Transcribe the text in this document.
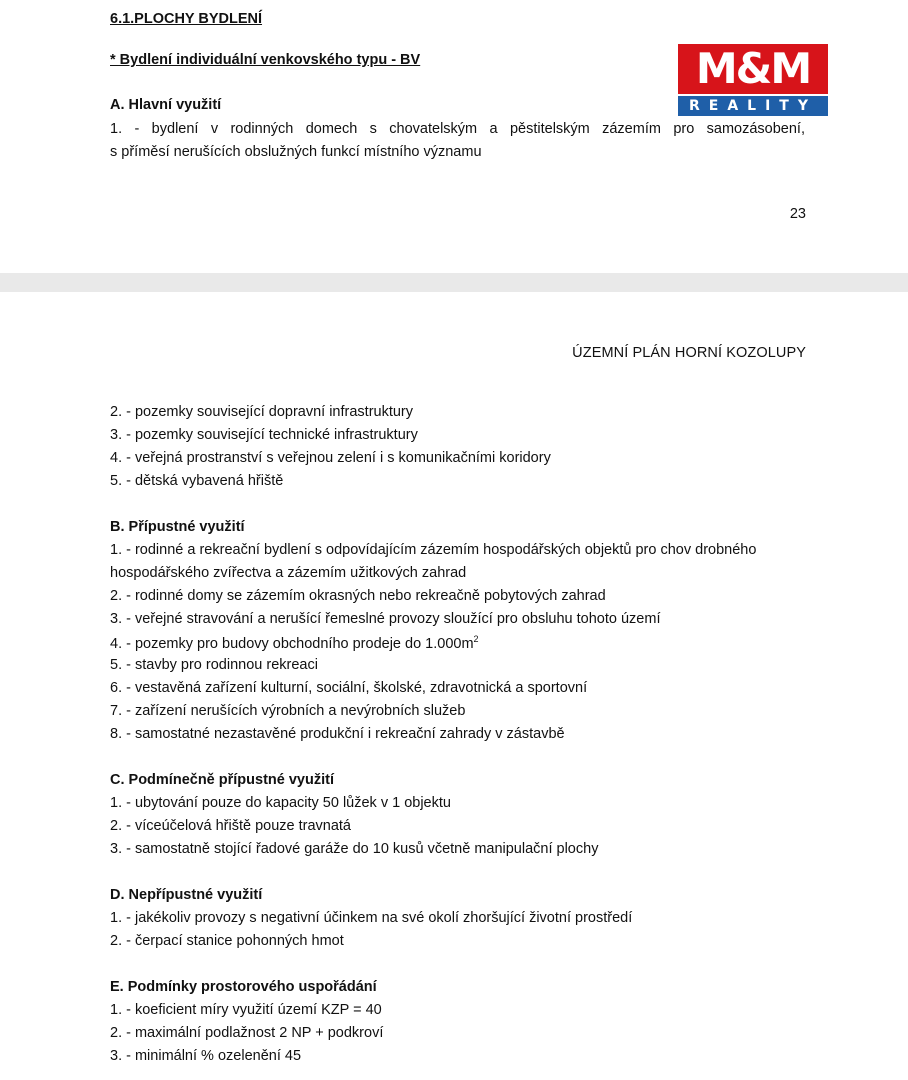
6.1.PLOCHY BYDLENÍ

* Bydlení individuální venkovského typu - BV

A. Hlavní využití

1. - bydlení v rodinných domech s chovatelským a pěstitelským zázemím pro samozásobení,

s příměsí nerušících obslužných funkcí místního významu

23
M&M
REALITY
ÚZEMNÍ PLÁN HORNÍ KOZOLUPY

2. - pozemky související dopravní infrastruktury

3. - pozemky související technické infrastruktury

4. - veřejná prostranství s veřejnou zelení i s komunikačními koridory

5. - dětská vybavená hřiště

B. Přípustné využití

1. - rodinné a rekreační bydlení s odpovídajícím zázemím hospodářských objektů pro chov drobného

hospodářského zvířectva a zázemím užitkových zahrad

2. - rodinné domy se zázemím okrasných nebo rekreačně pobytových zahrad

3. - veřejné stravování a nerušící řemeslné provozy sloužící pro obsluhu tohoto území

4. - pozemky pro budovy obchodního prodeje do $1.000m^2$

5. - stavby pro rodinnou rekreaci

6. - vestavěná zařízení kulturní, sociální, školské, zdravotnická a sportovní

7. - zařízení nerušících výrobních a nevýrobních služeb

8. - samostatné nezastavěné produkční i rekreační zahrady v zástavbě

C. Podmínečně přípustné využití

1. - ubytování pouze do kapacity 50 lůžek v 1 objektu

2. - víceúčelová hřiště pouze travnatá

3. - samostatně stojící řadové garáže do 10 kusů včetně manipulační plochy

D. Nepřípustné využití

1. - jakékoliv provozy s negativní účinkem na své okolí zhoršující životní prostředí

2. - čerpací stanice pohonných hmot

E. Podmínky prostorového uspořádání

1. - koeficient míry využití území KZP = 40

2. - maximální podlažnost 2 NP + podkroví

3. - minimální % ozelenění 45
